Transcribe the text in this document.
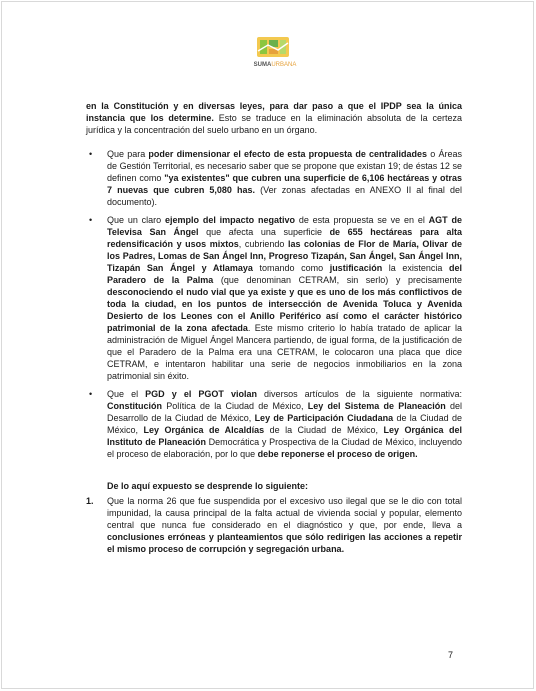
SUMAURBANA

en la Constitución y en diversas leyes, para dar paso a que el IPDP sea la única instancia que los determine. Esto se traduce en la eliminación absoluta de la certeza jurídica y la concentración del suelo urbano en un órgano.

• Que para poder dimensionar el efecto de esta propuesta de centralidades o Áreas de Gestión Territorial, es necesario saber que se propone que existan 19; de éstas 12 se definen como "ya existentes" que cubren una superficie de 6,106 hectáreas y otras 7 nuevas que cubren 5,080 has. (Ver zonas afectadas en ANEXO II al final del documento).
• Que un claro ejemplo del impacto negativo de esta propuesta se ve en el AGT de Televisa San Ángel que afecta una superficie de 655 hectáreas para alta redensificación y usos mixtos, cubriendo las colonias de Flor de María, Olivar de los Padres, Lomas de San Ángel Inn, Progreso Tizapán, San Ángel, San Ángel Inn, Tizapán San Ángel y Atlamaya tomando como justificación la existencia del Paradero de la Palma (que denominan CETRAM, sin serlo) y precisamente desconociendo el nudo vial que ya existe y que es uno de los más conflictivos de toda la ciudad, en los puntos de intersección de Avenida Toluca y Avenida Desierto de los Leones con el Anillo Periférico así como el carácter histórico patrimonial de la zona afectada. Este mismo criterio lo había tratado de aplicar la administración de Miguel Ángel Mancera partiendo, de igual forma, de la justificación de que el Paradero de la Palma era una CETRAM, le colocaron una placa que dice CETRAM, e intentaron habilitar una serie de negocios inmobiliarios en la zona patrimonial sin éxito.
• Que el PGD y el PGOT violan diversos artículos de la siguiente normativa: Constitución Política de la Ciudad de México, Ley del Sistema de Planeación del Desarrollo de la Ciudad de México, Ley de Participación Ciudadana de la Ciudad de México, Ley Orgánica de Alcaldías de la Ciudad de México, Ley Orgánica del Instituto de Planeación Democrática y Prospectiva de la Ciudad de México, incluyendo el proceso de elaboración, por lo que debe reponerse el proceso de origen.

De lo aquí expuesto se desprende lo siguiente:

1. Que la norma 26 que fue suspendida por el excesivo uso ilegal que se le dio con total impunidad, la causa principal de la falta actual de vivienda social y popular, elemento central que nunca fue considerado en el diagnóstico y que, por ende, lleva a conclusiones erróneas y planteamientos que sólo redirigen las acciones a repetir el mismo proceso de corrupción y segregación urbana.
7
